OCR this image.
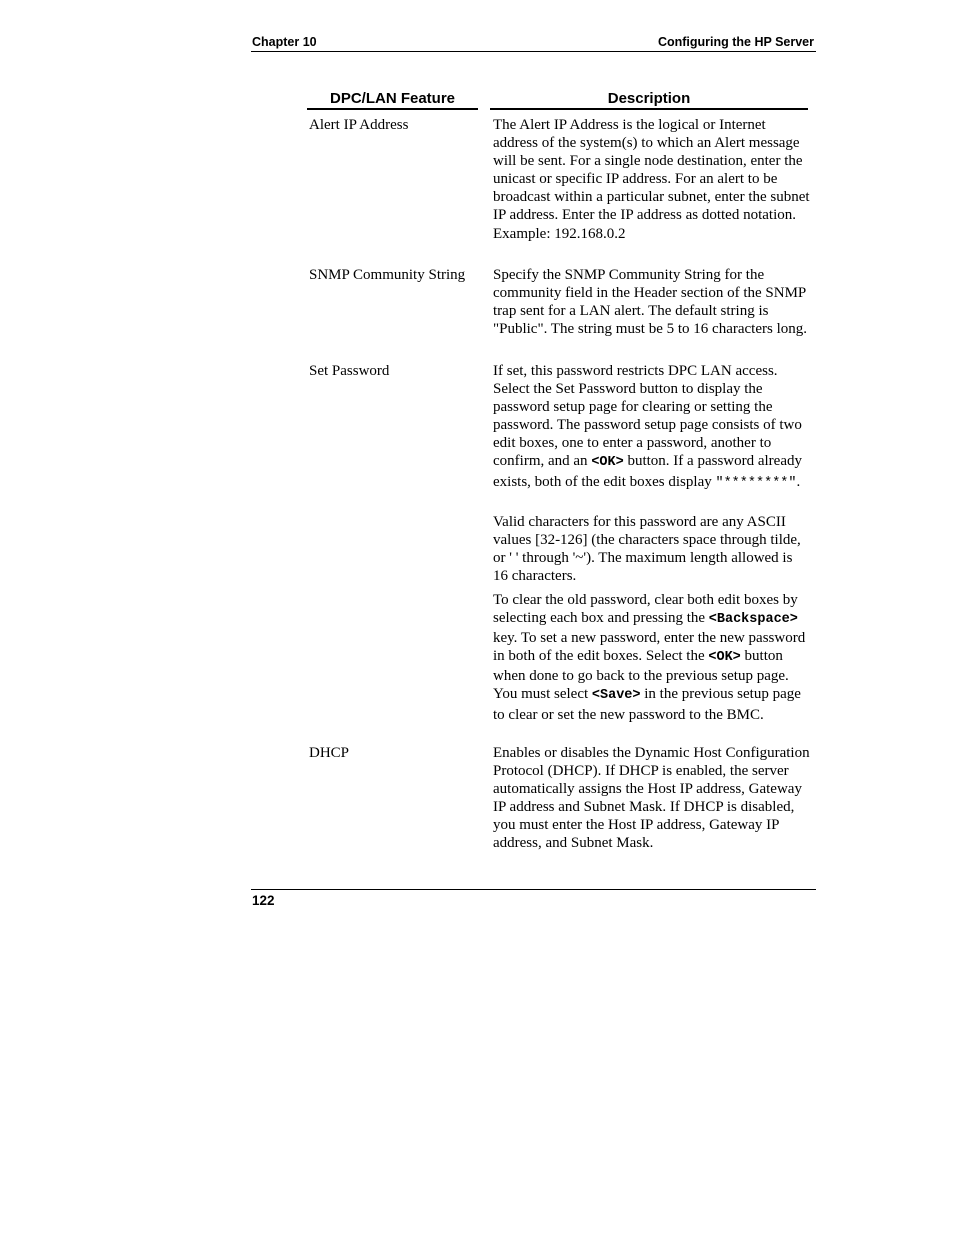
Chapter 10	Configuring the HP Server
DPC/LAN Feature	Description
Alert IP Address	The Alert IP Address is the logical or Internet address of the system(s) to which an Alert message will be sent. For a single node destination, enter the unicast or specific IP address. For an alert to be broadcast within a particular subnet, enter the subnet IP address. Enter the IP address as dotted notation. Example: 192.168.0.2
SNMP Community String	Specify the SNMP Community String for the community field in the Header section of the SNMP trap sent for a LAN alert. The default string is "Public". The string must be 5 to 16 characters long.
Set Password	If set, this password restricts DPC LAN access. Select the Set Password button to display the password setup page for clearing or setting the password. The password setup page consists of two edit boxes, one to enter a password, another to confirm, and an <OK> button. If a password already exists, both of the edit boxes display "********".
Valid characters for this password are any ASCII values [32-126] (the characters space through tilde, or ' ' through '~'). The maximum length allowed is 16 characters.
To clear the old password, clear both edit boxes by selecting each box and pressing the <Backspace> key. To set a new password, enter the new password in both of the edit boxes. Select the <OK> button when done to go back to the previous setup page. You must select <Save> in the previous setup page to clear or set the new password to the BMC.
DHCP	Enables or disables the Dynamic Host Configuration Protocol (DHCP). If DHCP is enabled, the server automatically assigns the Host IP address, Gateway IP address and Subnet Mask. If DHCP is disabled, you must enter the Host IP address, Gateway IP address, and Subnet Mask.
122
